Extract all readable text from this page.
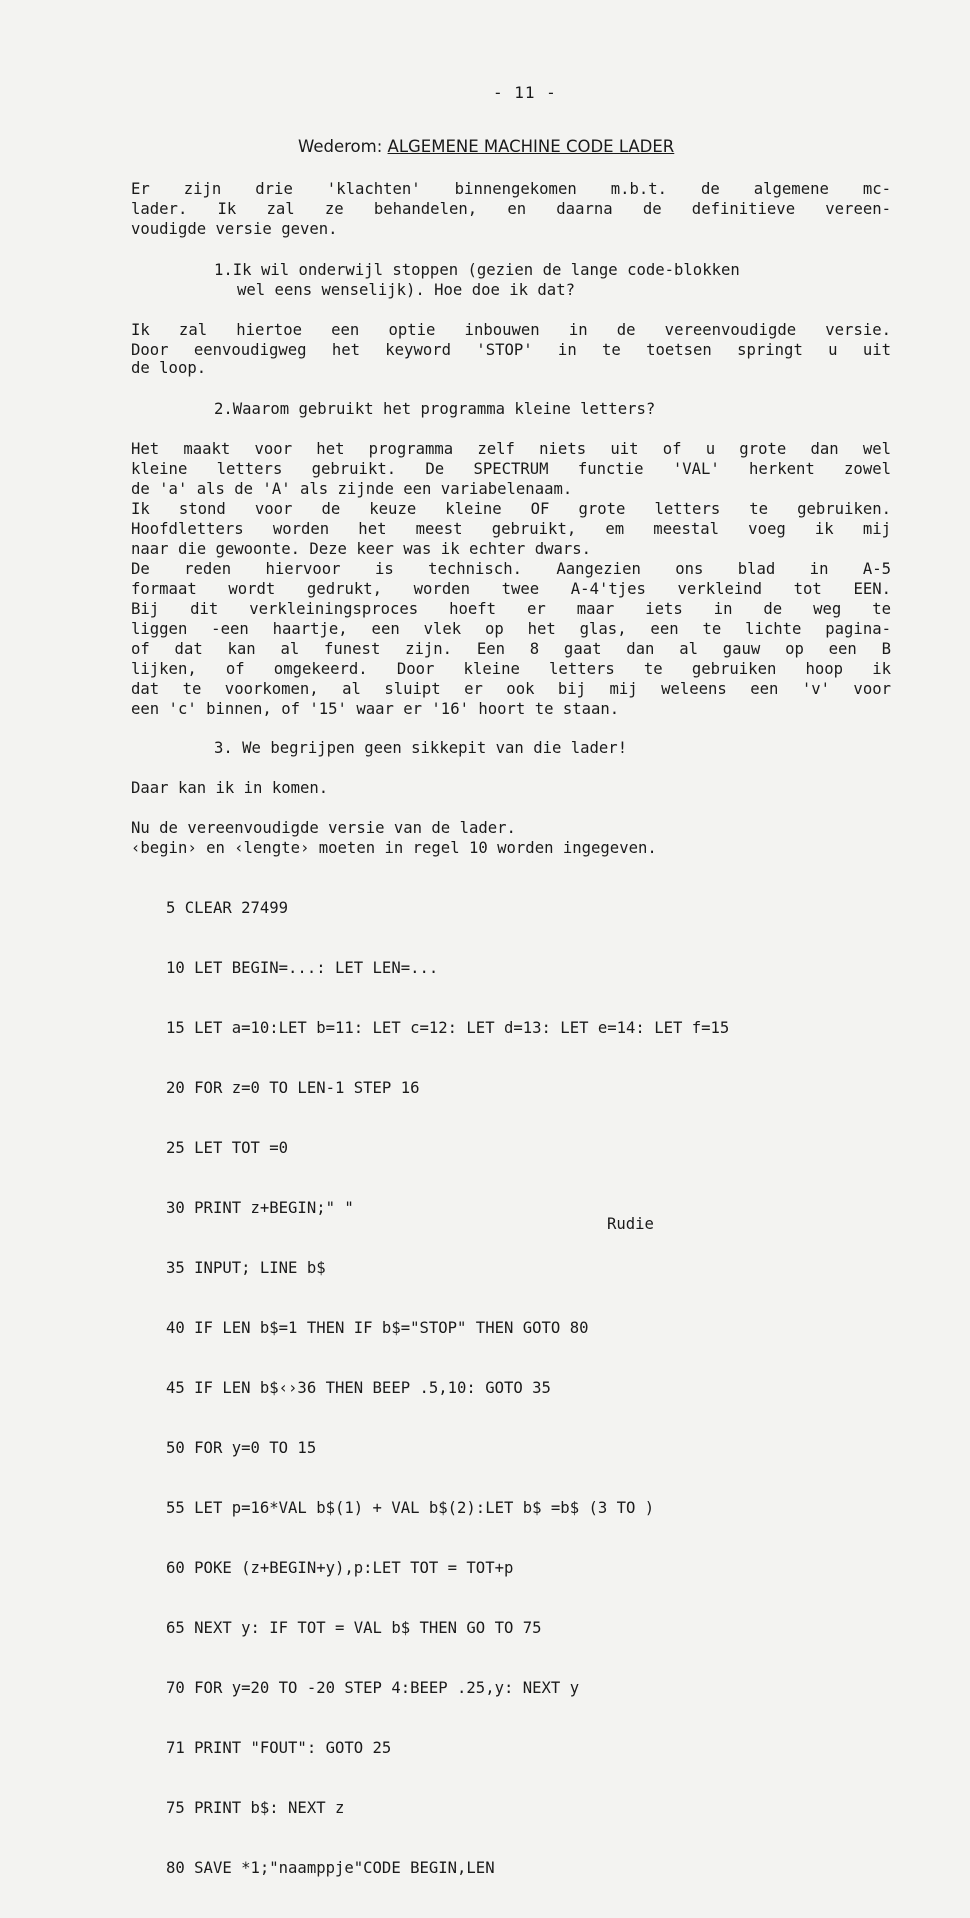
- 11 -
Wederom: ALGEMENE MACHINE CODE LADER

Er zijn drie 'klachten' binnengekomen m.b.t. de algemene mc-

lader. Ik zal ze behandelen, en daarna de definitieve vereen-

voudigde versie geven.

1.Ik wil onderwijl stoppen (gezien de lange code-blokken

wel eens wenselijk). Hoe doe ik dat?

Ik zal hiertoe een optie inbouwen in de vereenvoudigde versie.

Door eenvoudigweg het keyword 'STOP' in te toetsen springt u uit

de loop.

2.Waarom gebruikt het programma kleine letters?

Het maakt voor het programma zelf niets uit of u grote dan wel

kleine letters gebruikt. De SPECTRUM functie 'VAL' herkent zowel

de 'a' als de 'A' als zijnde een variabelenaam.

Ik stond voor de keuze kleine OF grote letters te gebruiken.

Hoofdletters worden het meest gebruikt, em meestal voeg ik mij

naar die gewoonte. Deze keer was ik echter dwars.

De reden hiervoor is technisch. Aangezien ons blad in A-5

formaat wordt gedrukt, worden twee A-4'tjes verkleind tot EEN.

Bij dit verkleiningsproces hoeft er maar iets in de weg te

liggen -een haartje, een vlek op het glas, een te lichte pagina-

of dat kan al funest zijn. Een 8 gaat dan al gauw op een B

lijken, of omgekeerd. Door kleine letters te gebruiken hoop ik

dat te voorkomen, al sluipt er ook bij mij weleens een 'v' voor

een 'c' binnen, of '15' waar er '16' hoort te staan.

3. We begrijpen geen sikkepit van die lader!

Daar kan ik in komen.

Nu de vereenvoudigde versie van de lader.

‹begin› en ‹lengte› moeten in regel 10 worden ingegeven.

5 CLEAR 27499

10 LET BEGIN=...: LET LEN=...

15 LET a=10:LET b=11: LET c=12: LET d=13: LET e=14: LET f=15

20 FOR z=0 TO LEN-1 STEP 16

25 LET TOT =0

30 PRINT z+BEGIN;" "

35 INPUT; LINE b$

40 IF LEN b$=1 THEN IF b$="STOP" THEN GOTO 80

45 IF LEN b$‹›36 THEN BEEP .5,10: GOTO 35

50 FOR y=0 TO 15

55 LET p=16*VAL b$(1) + VAL b$(2):LET b$ =b$ (3 TO )

60 POKE (z+BEGIN+y),p:LET TOT = TOT+p

65 NEXT y: IF TOT = VAL b$ THEN GO TO 75

70 FOR y=20 TO -20 STEP 4:BEEP .25,y: NEXT y

71 PRINT "FOUT": GOTO 25

75 PRINT b$: NEXT z

80 SAVE *1;"naamppje"CODE BEGIN,LEN

Rudie
